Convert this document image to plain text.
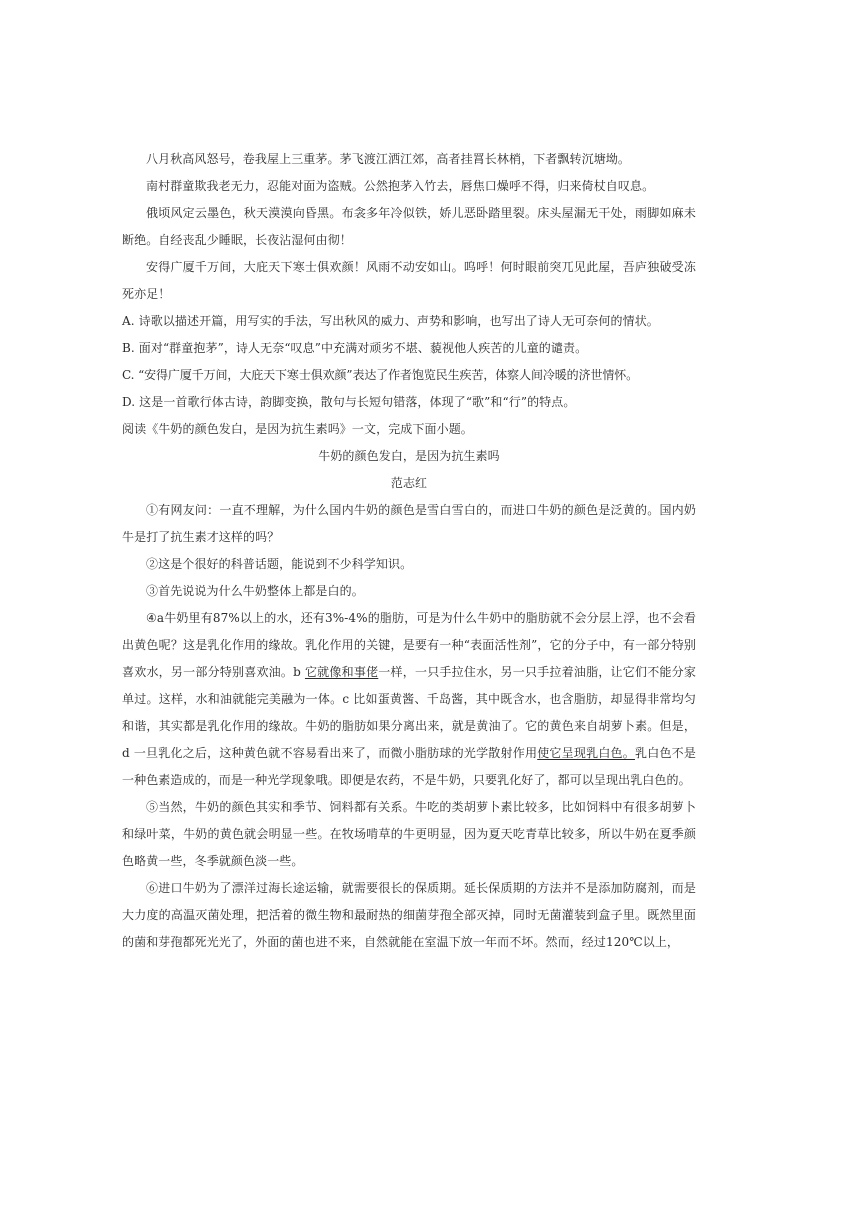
八月秋高风怒号，卷我屋上三重茅。茅飞渡江洒江郊，高者挂罥长林梢，下者飘转沉塘坳。

南村群童欺我老无力，忍能对面为盗贼。公然抱茅入竹去，唇焦口燥呼不得，归来倚杖自叹息。

俄顷风定云墨色，秋天漠漠向昏黑。布衾多年冷似铁，娇儿恶卧踏里裂。床头屋漏无干处，雨脚如麻未断绝。自经丧乱少睡眠，长夜沾湿何由彻！

安得广厦千万间，大庇天下寒士俱欢颜！风雨不动安如山。呜呼！何时眼前突兀见此屋，吾庐独破受冻死亦足！

A. 诗歌以描述开篇，用写实的手法，写出秋风的威力、声势和影响，也写出了诗人无可奈何的情状。

B. 面对“群童抱茅”，诗人无奈“叹息”中充满对顽劣不堪、藐视他人疾苦的儿童的谴责。

C. “安得广厦千万间，大庇天下寒士俱欢颜”表达了作者饱览民生疾苦，体察人间冷暖的济世情怀。

D. 这是一首歌行体古诗，韵脚变换，散句与长短句错落，体现了“歌”和“行”的特点。

阅读《牛奶的颜色发白，是因为抗生素吗》一文，完成下面小题。

牛奶的颜色发白，是因为抗生素吗

范志红

①有网友问：一直不理解，为什么国内牛奶的颜色是雪白雪白的，而进口牛奶的颜色是泛黄的。国内奶牛是打了抗生素才这样的吗？

②这是个很好的科普话题，能说到不少科学知识。

③首先说说为什么牛奶整体上都是白的。

④a牛奶里有87%以上的水，还有3%-4%的脂肪，可是为什么牛奶中的脂肪就不会分层上浮，也不会看出黄色呢？这是乳化作用的缘故。乳化作用的关键，是要有一种“表面活性剂”，它的分子中，有一部分特别喜欢水，另一部分特别喜欢油。b 它就像和事佬一样，一只手拉住水，另一只手拉着油脂，让它们不能分家单过。这样，水和油就能完美融为一体。c 比如蛋黄酱、千岛酱，其中既含水，也含脂肪，却显得非常均匀和谐，其实都是乳化作用的缘故。牛奶的脂肪如果分离出来，就是黄油了。它的黄色来自胡萝卜素。但是，d 一旦乳化之后，这种黄色就不容易看出来了，而微小脂肪球的光学散射作用使它呈现乳白色。乳白色不是一种色素造成的，而是一种光学现象哦。即便是农药，不是牛奶，只要乳化好了，都可以呈现出乳白色的。

⑤当然，牛奶的颜色其实和季节、饲料都有关系。牛吃的类胡萝卜素比较多，比如饲料中有很多胡萝卜和绿叶菜，牛奶的黄色就会明显一些。在牧场啃草的牛更明显，因为夏天吃青草比较多，所以牛奶在夏季颜色略黄一些，冬季就颜色淡一些。

⑥进口牛奶为了漂洋过海长途运输，就需要很长的保质期。延长保质期的方法并不是添加防腐剂，而是大力度的高温灭菌处理，把活着的微生物和最耐热的细菌芽孢全部灭掉，同时无菌灌装到盒子里。既然里面的菌和芽孢都死光光了，外面的菌也进不来，自然就能在室温下放一年而不坏。然而，经过120℃以上，
